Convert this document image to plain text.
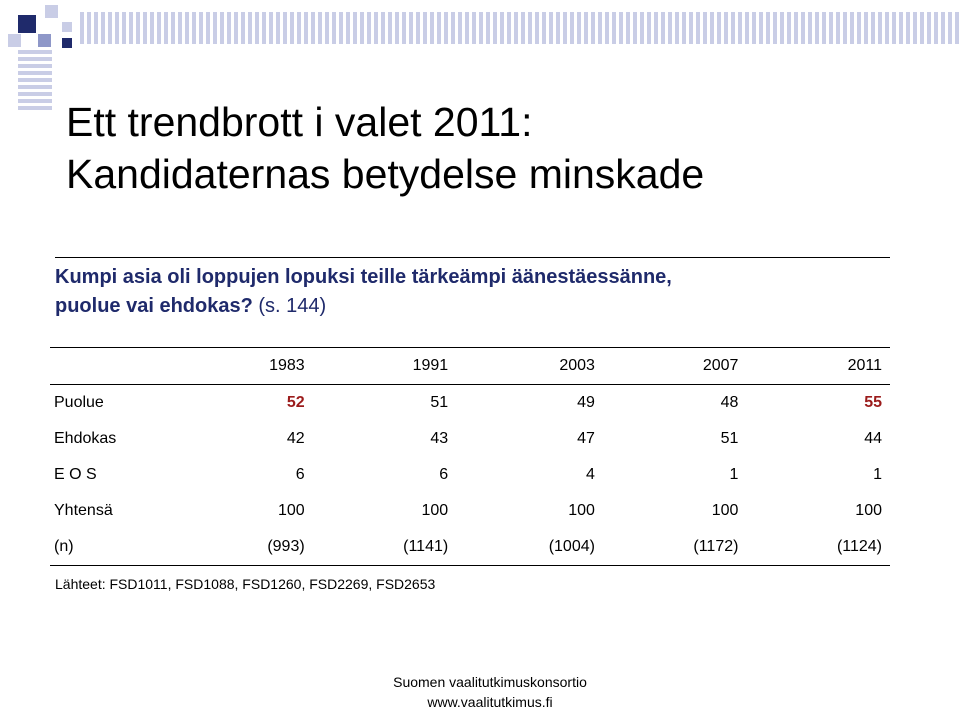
Ett trendbrott i valet 2011:
Kandidaternas betydelse minskade
Kumpi asia oli loppujen lopuksi teille tärkeämpi äänestäessänne,
puolue vai ehdokas? (s. 144)
	1983	1991	2003	2007	2011
Puolue	52	51	49	48	55
Ehdokas	42	43	47	51	44
E O S	6	6	4	1	1
Yhtensä	100	100	100	100	100
(n)	(993)	(1141)	(1004)	(1172)	(1124)
Lähteet: FSD1011, FSD1088, FSD1260, FSD2269, FSD2653
Suomen vaalitutkimuskonsortio
www.vaalitutkimus.fi
